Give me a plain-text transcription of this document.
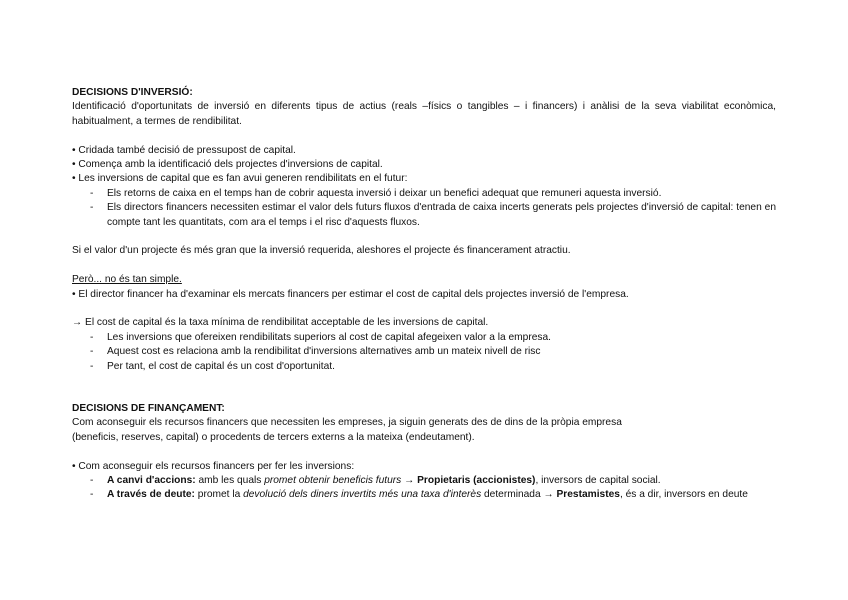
DECISIONS D'INVERSIÓ:

Identificació d'oportunitats de inversió en diferents tipus de actius (reals –físics o tangibles – i financers) i anàlisi de la seva viabilitat econòmica, habitualment, a termes de rendibilitat.

• Cridada també decisió de pressupost de capital.

• Comença amb la identificació dels projectes d'inversions de capital.

• Les inversions de capital que es fan avui generen rendibilitats en el futur:

- Els retorns de caixa en el temps han de cobrir aquesta inversió i deixar un benefici adequat que remuneri aquesta inversió.
- Els directors financers necessiten estimar el valor dels futurs fluxos d'entrada de caixa incerts generats pels projectes d'inversió de capital: tenen en compte tant les quantitats, com ara el temps i el risc d'aquests fluxos.

Si el valor d'un projecte és més gran que la inversió requerida, aleshores el projecte és financerament atractiu.

Però... no és tan simple.

• El director financer ha d'examinar els mercats financers per estimar el cost de capital dels projectes inversió de l'empresa.

→ El cost de capital és la taxa mínima de rendibilitat acceptable de les inversions de capital.

- Les inversions que ofereixen rendibilitats superiors al cost de capital afegeixen valor a la empresa.
- Aquest cost es relaciona amb la rendibilitat d'inversions alternatives amb un mateix nivell de risc
- Per tant, el cost de capital és un cost d'oportunitat.

DECISIONS DE FINANÇAMENT:

Com aconseguir els recursos financers que necessiten les empreses, ja siguin generats des de dins de la pròpia empresa

(beneficis, reserves, capital) o procedents de tercers externs a la mateixa (endeutament).

• Com aconseguir els recursos financers per fer les inversions:

- A canvi d'accions: amb les quals promet obtenir beneficis futurs → Propietaris (accionistes), inversors de capital social.
- A través de deute: promet la devolució dels diners invertits més una taxa d'interès determinada → Prestamistes, és a dir, inversors en deute
